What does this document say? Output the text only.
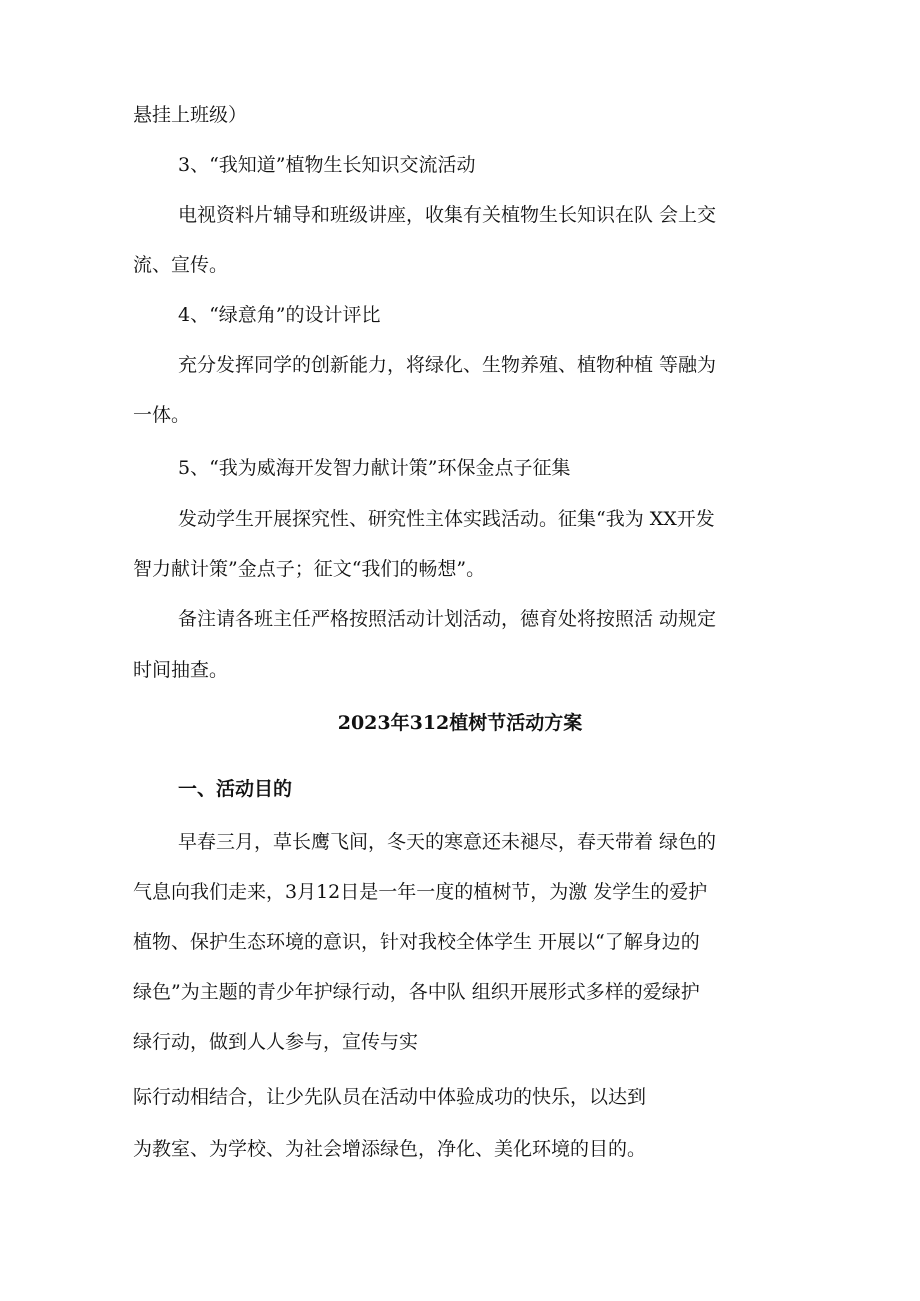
悬挂上班级）
3、“我知道”植物生长知识交流活动
电视资料片辅导和班级讲座，收集有关植物生长知识在队 会上交
流、宣传。
4、“绿意角”的设计评比
充分发挥同学的创新能力，将绿化、生物养殖、植物种植 等融为
一体。
5、“我为威海开发智力献计策”环保金点子征集
发动学生开展探究性、研究性主体实践活动。征集“我为 XX开发
智力献计策”金点子；征文“我们的畅想”。
备注请各班主任严格按照活动计划活动，德育处将按照活 动规定
时间抽查。
2023年312植树节活动方案
一、活动目的
早春三月，草长鹰飞间，冬天的寒意还未褪尽，春天带着 绿色的
气息向我们走来，3月12日是一年一度的植树节，为激 发学生的爱护
植物、保护生态环境的意识，针对我校全体学生 开展以“了解身边的
绿色”为主题的青少年护绿行动，各中队 组织开展形式多样的爱绿护
绿行动，做到人人参与，宣传与实
际行动相结合，让少先队员在活动中体验成功的快乐，以达到
为教室、为学校、为社会增添绿色，净化、美化环境的目的。
